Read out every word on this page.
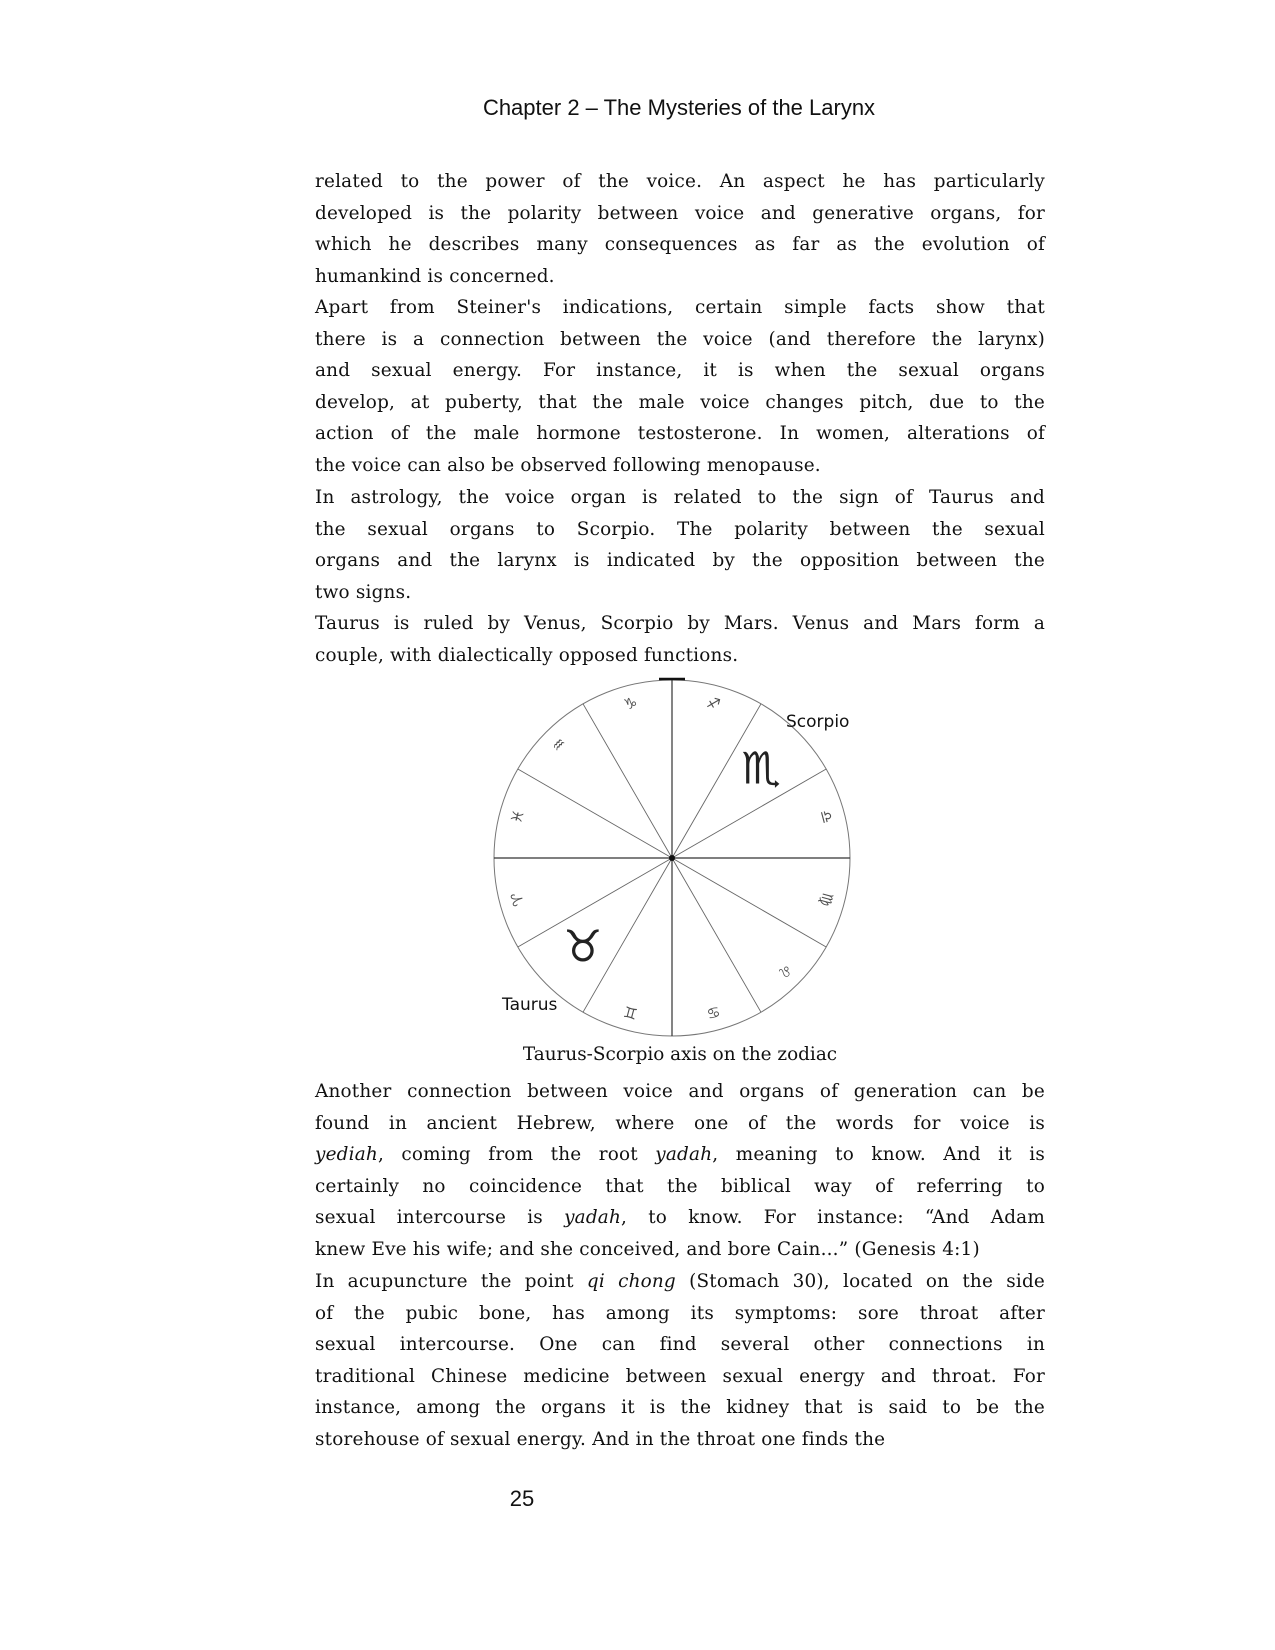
Chapter 2 – The Mysteries of the Larynx
related to the power of the voice. An aspect he has particularly
developed is the polarity between voice and generative organs, for
which he describes many consequences as far as the evolution of
humankind is concerned.
Apart from Steiner's indications, certain simple facts show that
there is a connection between the voice (and therefore the larynx)
and sexual energy. For instance, it is when the sexual organs
develop, at puberty, that the male voice changes pitch, due to the
action of the male hormone testosterone. In women, alterations of
the voice can also be observed following menopause.
In astrology, the voice organ is related to the sign of Taurus and
the sexual organs to Scorpio. The polarity between the sexual
organs and the larynx is indicated by the opposition between the
two signs.
Taurus is ruled by Venus, Scorpio by Mars. Venus and Mars form a
couple, with dialectically opposed functions.
♑	♐
♏
♎
♍
♌
♋
♊
♉
♈
♓
♒
Scorpio
Taurus
Taurus-Scorpio axis on the zodiac
Another connection between voice and organs of generation can be
found in ancient Hebrew, where one of the words for voice is
yediah, coming from the root yadah, meaning to know. And it is
certainly no coincidence that the biblical way of referring to
sexual intercourse is yadah, to know. For instance: “And Adam
knew Eve his wife; and she conceived, and bore Cain...” (Genesis 4:1)
In acupuncture the point qi chong (Stomach 30), located on the side
of the pubic bone, has among its symptoms: sore throat after
sexual intercourse. One can find several other connections in
traditional Chinese medicine between sexual energy and throat. For
instance, among the organs it is the kidney that is said to be the
storehouse of sexual energy. And in the throat one finds the
25
